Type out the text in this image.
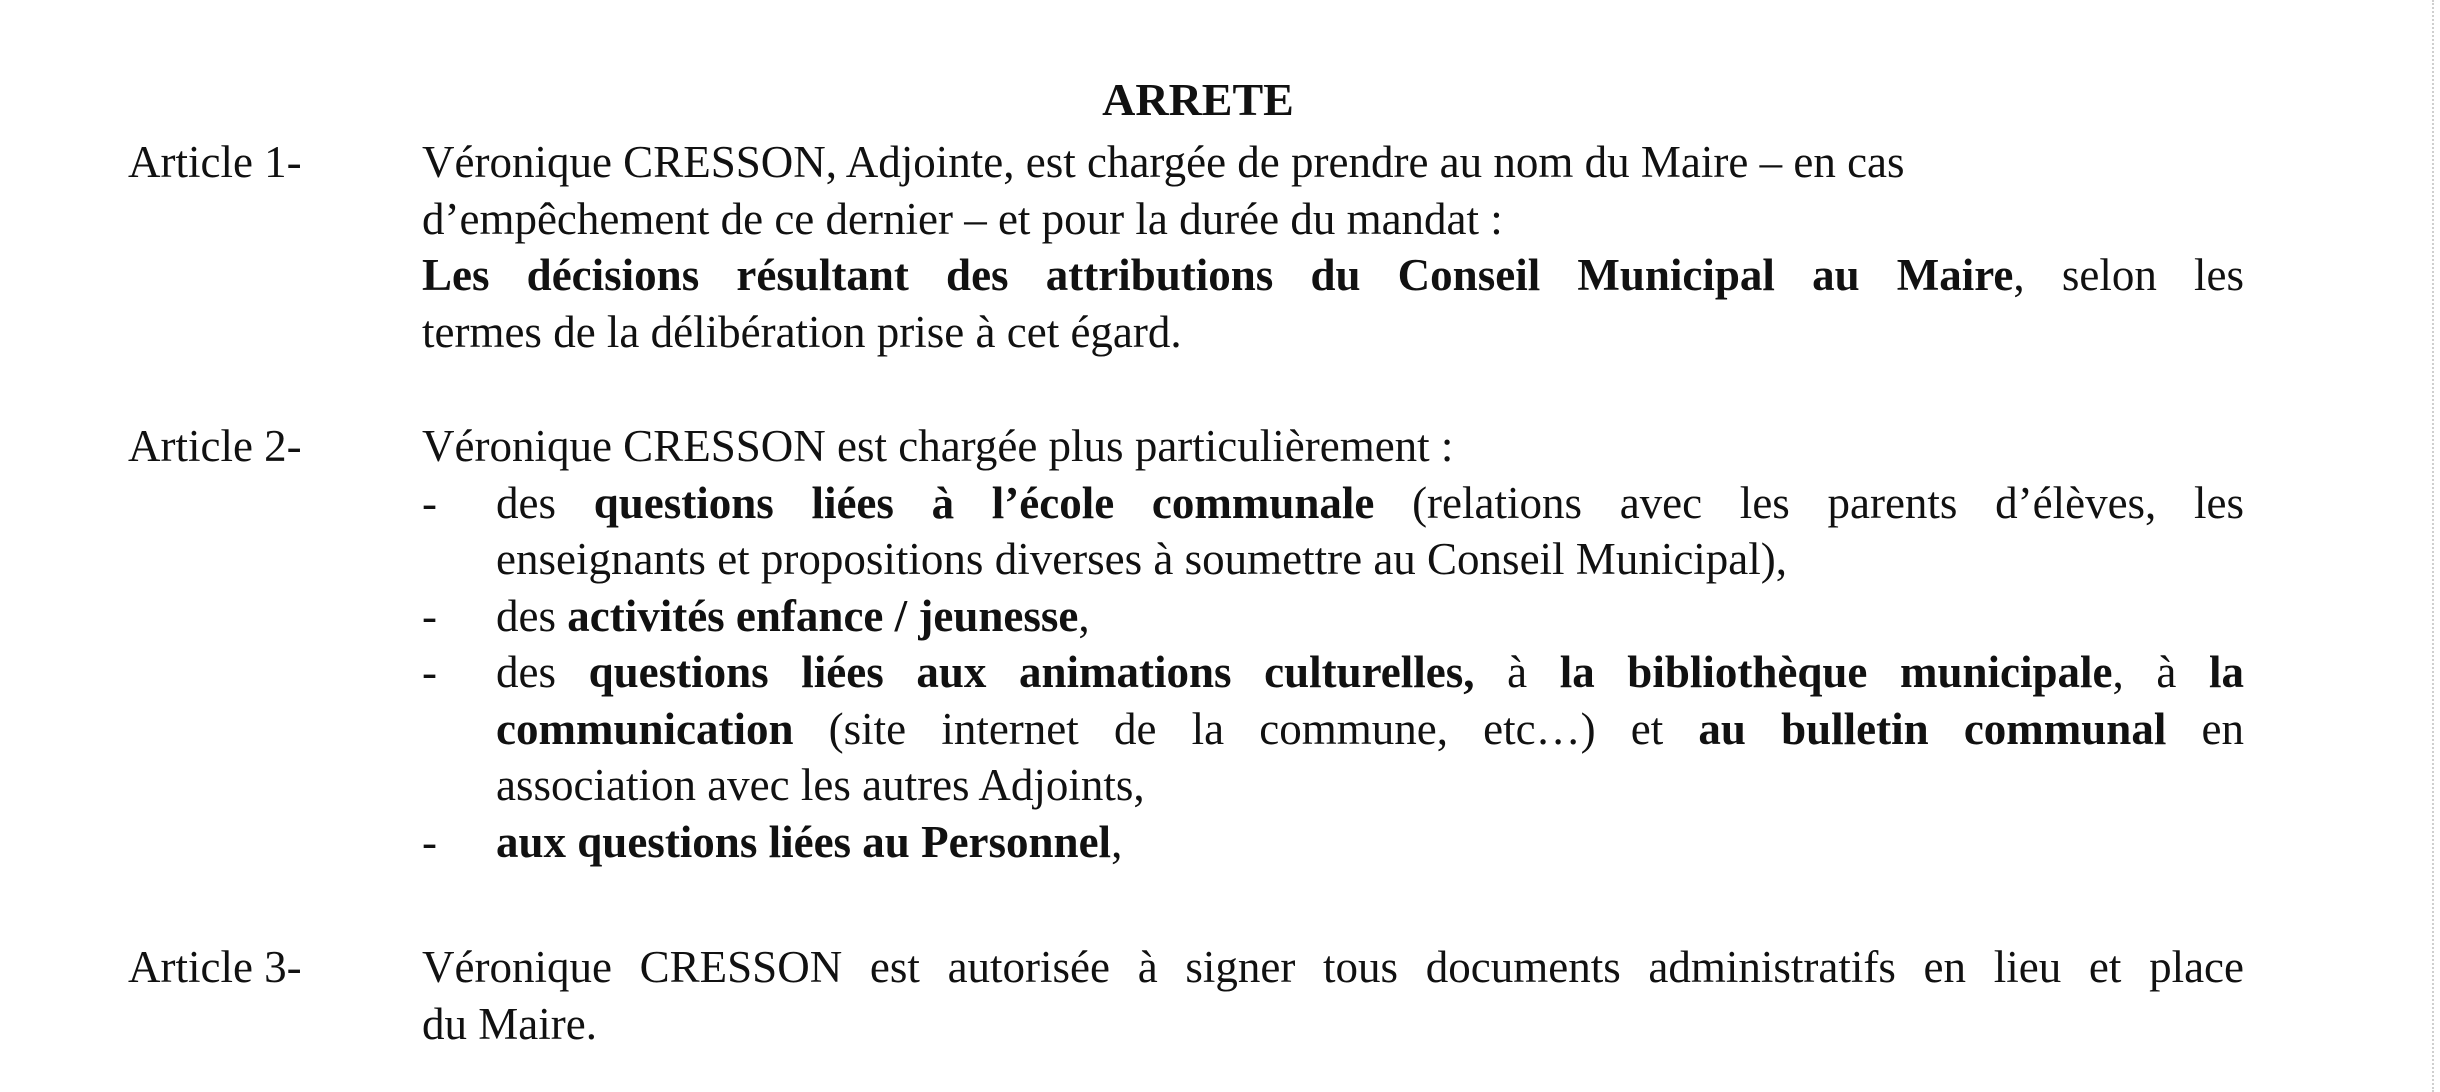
ARRETE
Article 1-	Véronique CRESSON, Adjointe, est chargée de prendre au nom du Maire – en cas
d’empêchement de ce dernier – et pour la durée du mandat :
Les décisions résultant des attributions du Conseil Municipal au Maire, selon les
termes de la délibération prise à cet égard.
Article 2-	Véronique CRESSON est chargée plus particulièrement :
- des questions liées à l’école communale (relations avec les parents d’élèves, les
enseignants et propositions diverses à soumettre au Conseil Municipal),
- des activités enfance / jeunesse,
- des questions liées aux animations culturelles, à la bibliothèque municipale, à la
communication (site internet de la commune, etc…) et au bulletin communal en
association avec les autres Adjoints,
- aux questions liées au Personnel,
Article 3-	Véronique CRESSON est autorisée à signer tous documents administratifs en lieu et place
du Maire.
